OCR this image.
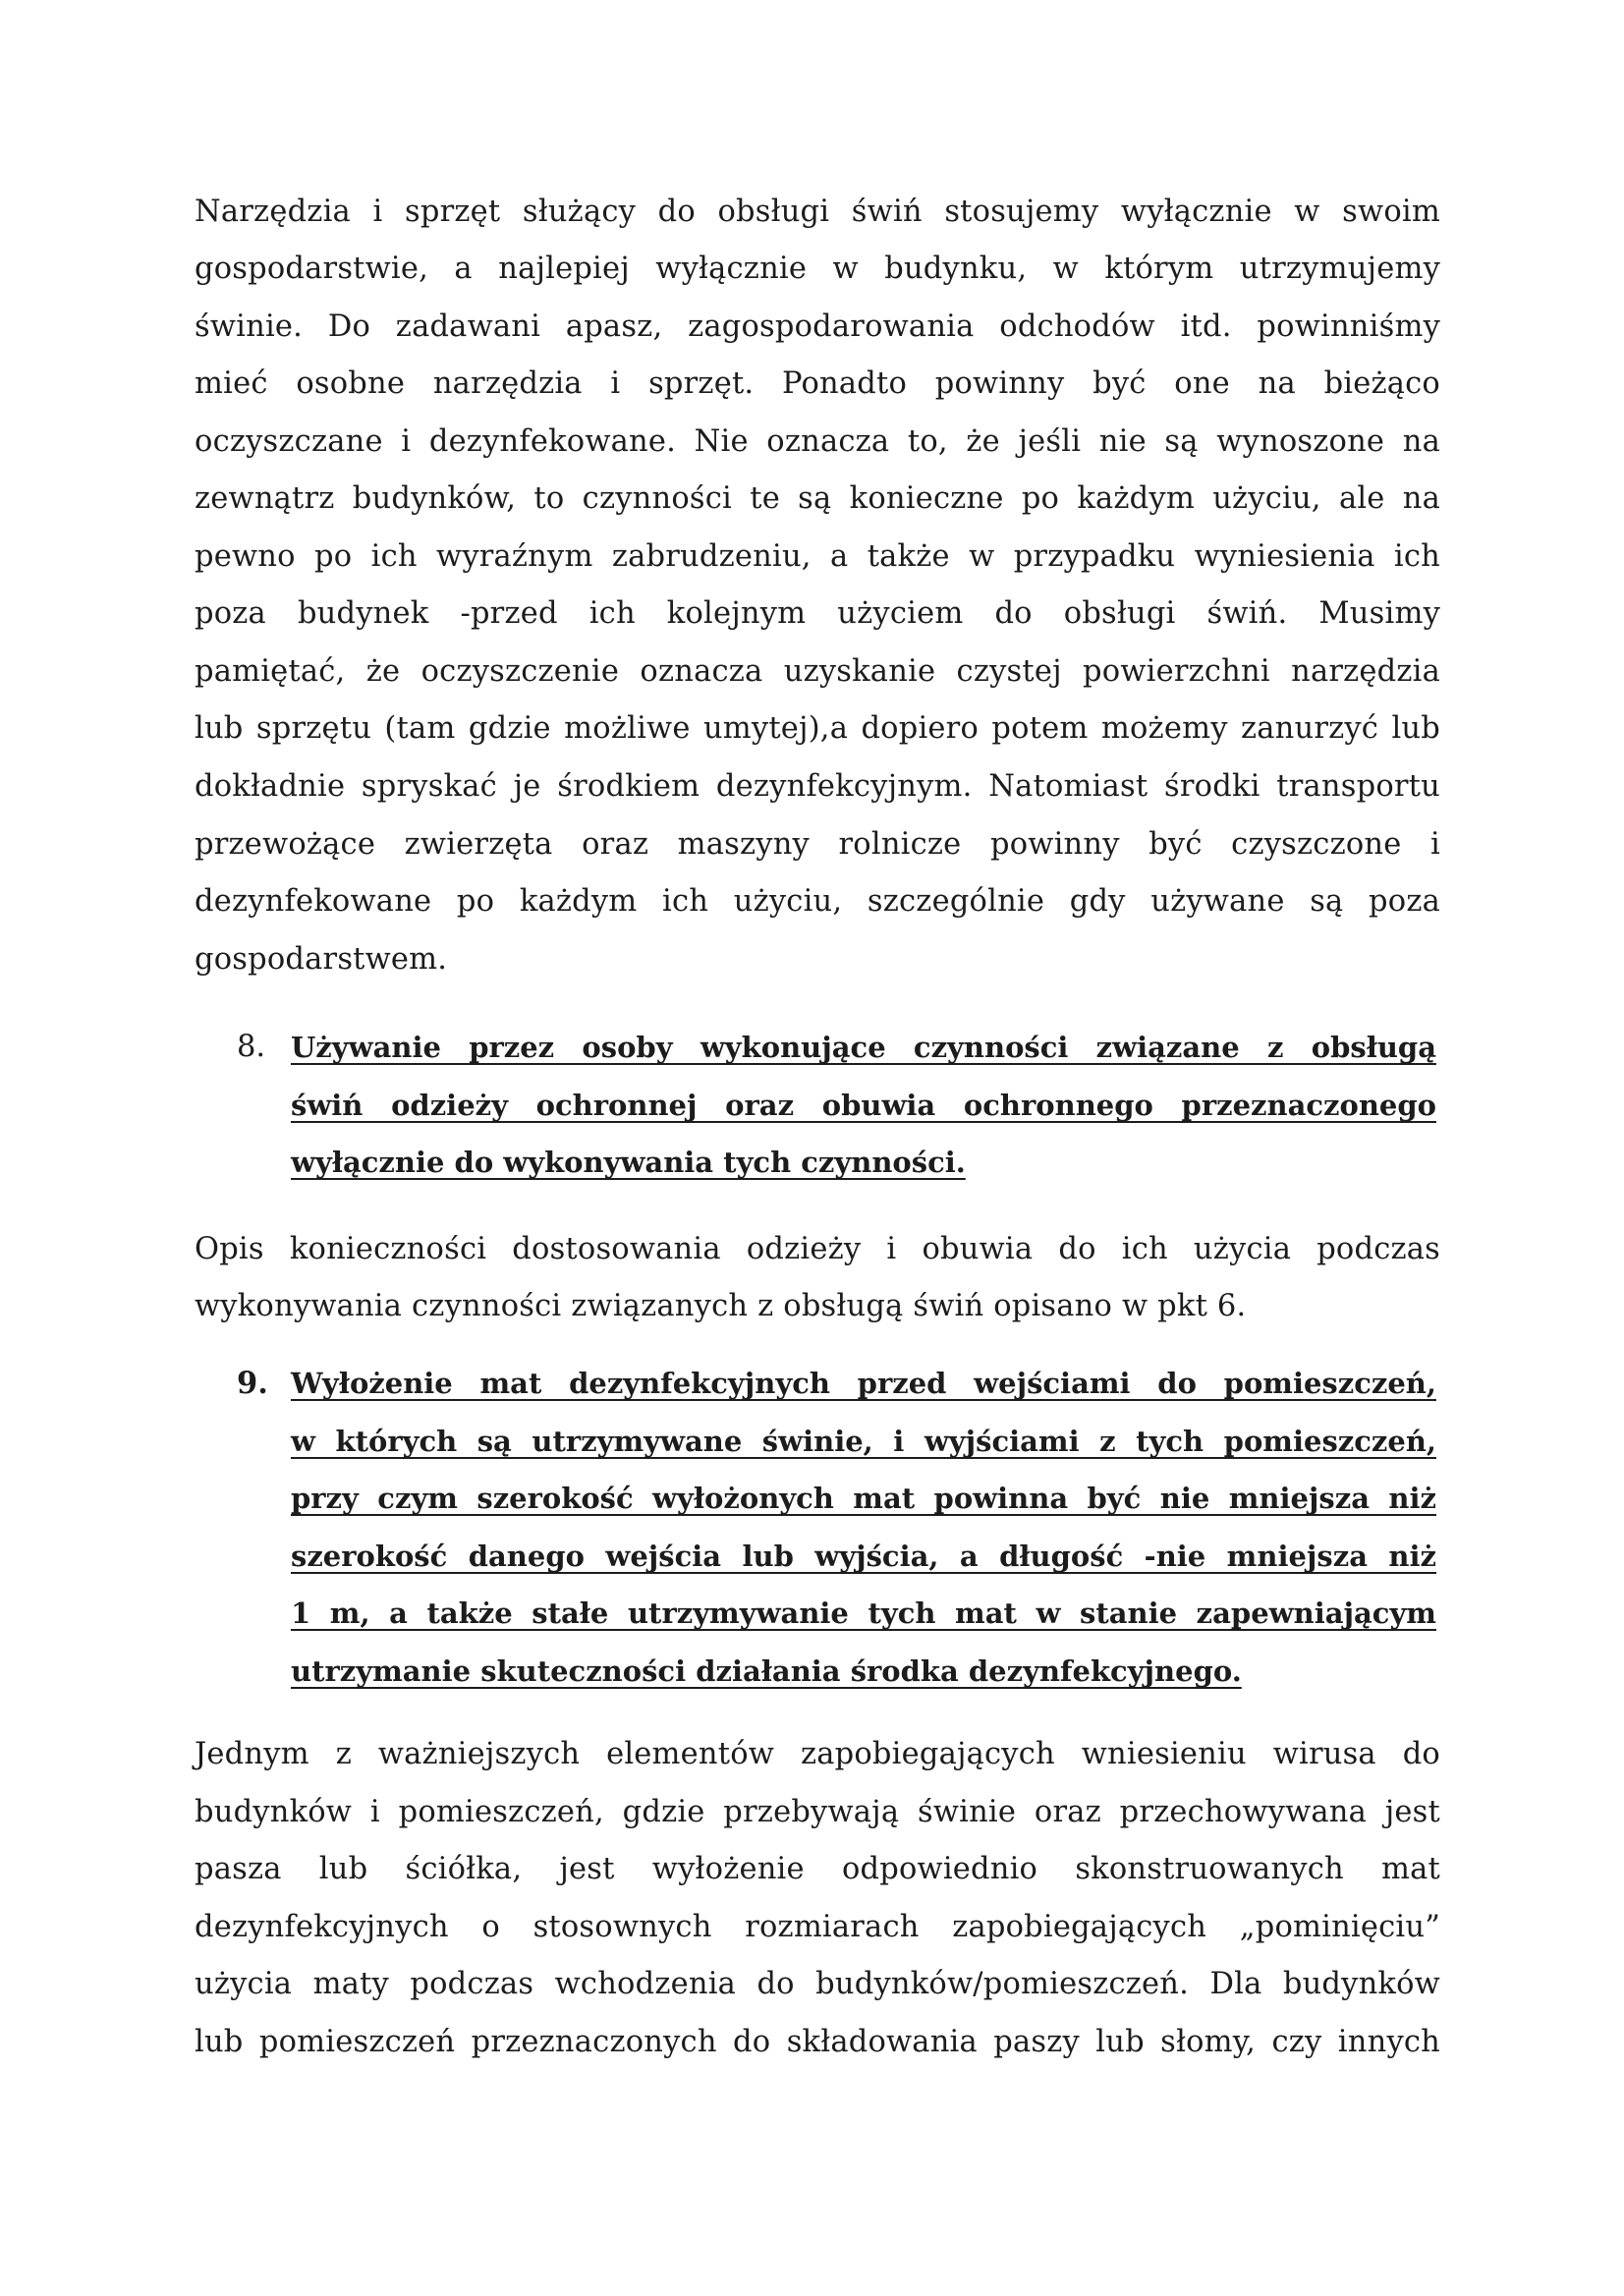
Narzędzia i sprzęt służący do obsługi świń stosujemy wyłącznie w swoim
gospodarstwie, a najlepiej wyłącznie w budynku, w którym utrzymujemy
świnie. Do zadawani apasz, zagospodarowania odchodów itd. powinniśmy
mieć osobne narzędzia i sprzęt. Ponadto powinny być one na bieżąco
oczyszczane i dezynfekowane. Nie oznacza to, że jeśli nie są wynoszone na
zewnątrz budynków, to czynności te są konieczne po każdym użyciu, ale na
pewno po ich wyraźnym zabrudzeniu, a także w przypadku wyniesienia ich
poza budynek -przed ich kolejnym użyciem do obsługi świń. Musimy
pamiętać, że oczyszczenie oznacza uzyskanie czystej powierzchni narzędzia
lub sprzętu (tam gdzie możliwe umytej),a dopiero potem możemy zanurzyć lub
dokładnie spryskać je środkiem dezynfekcyjnym. Natomiast środki transportu
przewożące zwierzęta oraz maszyny rolnicze powinny być czyszczone i
dezynfekowane po każdym ich użyciu, szczególnie gdy używane są poza
gospodarstwem.
8. Używanie przez osoby wykonujące czynności związane z obsługą
świń odzieży ochronnej oraz obuwia ochronnego przeznaczonego
wyłącznie do wykonywania tych czynności.
Opis konieczności dostosowania odzieży i obuwia do ich użycia podczas
wykonywania czynności związanych z obsługą świń opisano w pkt 6.
9. Wyłożenie mat dezynfekcyjnych przed wejściami do pomieszczeń,
w których są utrzymywane świnie, i wyjściami z tych pomieszczeń,
przy czym szerokość wyłożonych mat powinna być nie mniejsza niż
szerokość danego wejścia lub wyjścia, a długość -nie mniejsza niż
1 m, a także stałe utrzymywanie tych mat w stanie zapewniającym
utrzymanie skuteczności działania środka dezynfekcyjnego.
Jednym z ważniejszych elementów zapobiegających wniesieniu wirusa do
budynków i pomieszczeń, gdzie przebywają świnie oraz przechowywana jest
pasza lub ściółka, jest wyłożenie odpowiednio skonstruowanych mat
dezynfekcyjnych o stosownych rozmiarach zapobiegających „pominięciu”
użycia maty podczas wchodzenia do budynków/pomieszczeń. Dla budynków
lub pomieszczeń przeznaczonych do składowania paszy lub słomy, czy innych
